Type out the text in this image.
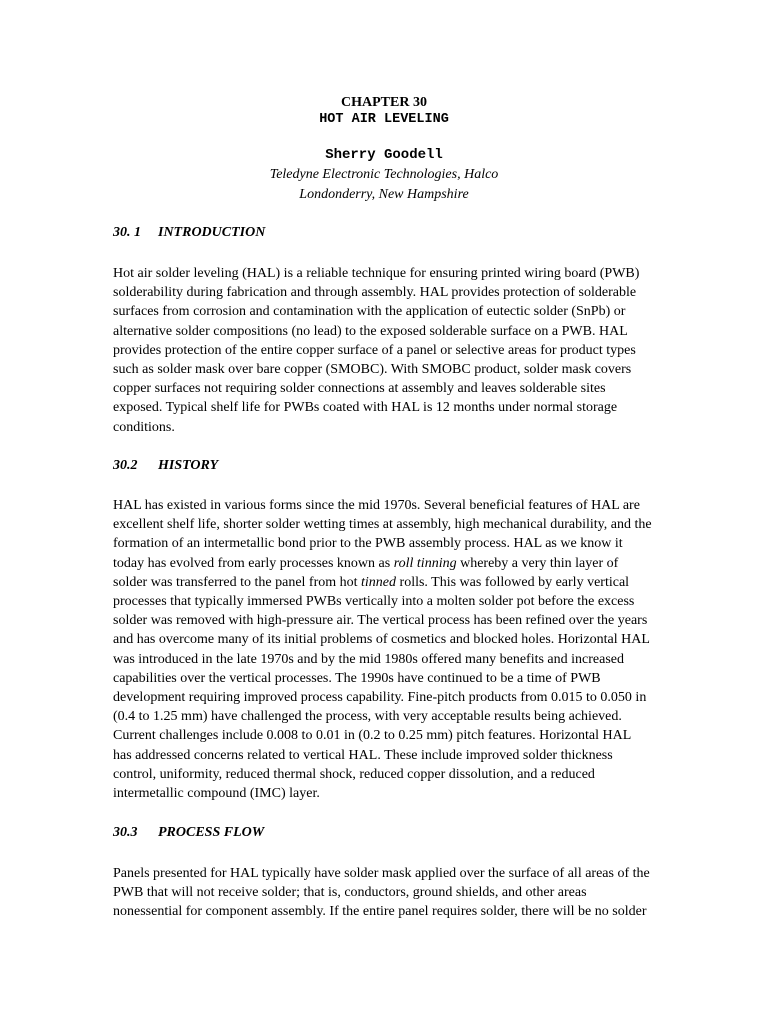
CHAPTER 30
HOT AIR LEVELING
Sherry Goodell
Teledyne Electronic Technologies, Halco
Londonderry, New Hampshire
30. 1 INTRODUCTION

Hot air solder leveling (HAL) is a reliable technique for ensuring printed wiring board (PWB)
solderability during fabrication and through assembly. HAL provides protection of solderable
surfaces from corrosion and contamination with the application of eutectic solder (SnPb) or
alternative solder compositions (no lead) to the exposed solderable surface on a PWB. HAL
provides protection of the entire copper surface of a panel or selective areas for product types
such as solder mask over bare copper (SMOBC). With SMOBC product, solder mask covers
copper surfaces not requiring solder connections at assembly and leaves solderable sites
exposed. Typical shelf life for PWBs coated with HAL is 12 months under normal storage
conditions.

30.2 HISTORY

HAL has existed in various forms since the mid 1970s. Several beneficial features of HAL are
excellent shelf life, shorter solder wetting times at assembly, high mechanical durability, and the
formation of an intermetallic bond prior to the PWB assembly process. HAL as we know it
today has evolved from early processes known as roll tinning whereby a very thin layer of
solder was transferred to the panel from hot tinned rolls. This was followed by early vertical
processes that typically immersed PWBs vertically into a molten solder pot before the excess
solder was removed with high-pressure air. The vertical process has been refined over the years
and has overcome many of its initial problems of cosmetics and blocked holes. Horizontal HAL
was introduced in the late 1970s and by the mid 1980s offered many benefits and increased
capabilities over the vertical processes. The 1990s have continued to be a time of PWB
development requiring improved process capability. Fine-pitch products from 0.015 to 0.050 in
(0.4 to 1.25 mm) have challenged the process, with very acceptable results being achieved.
Current challenges include 0.008 to 0.01 in (0.2 to 0.25 mm) pitch features. Horizontal HAL
has addressed concerns related to vertical HAL. These include improved solder thickness
control, uniformity, reduced thermal shock, reduced copper dissolution, and a reduced
intermetallic compound (IMC) layer.

30.3 PROCESS FLOW

Panels presented for HAL typically have solder mask applied over the surface of all areas of the
PWB that will not receive solder; that is, conductors, ground shields, and other areas
nonessential for component assembly. If the entire panel requires solder, there will be no solder
